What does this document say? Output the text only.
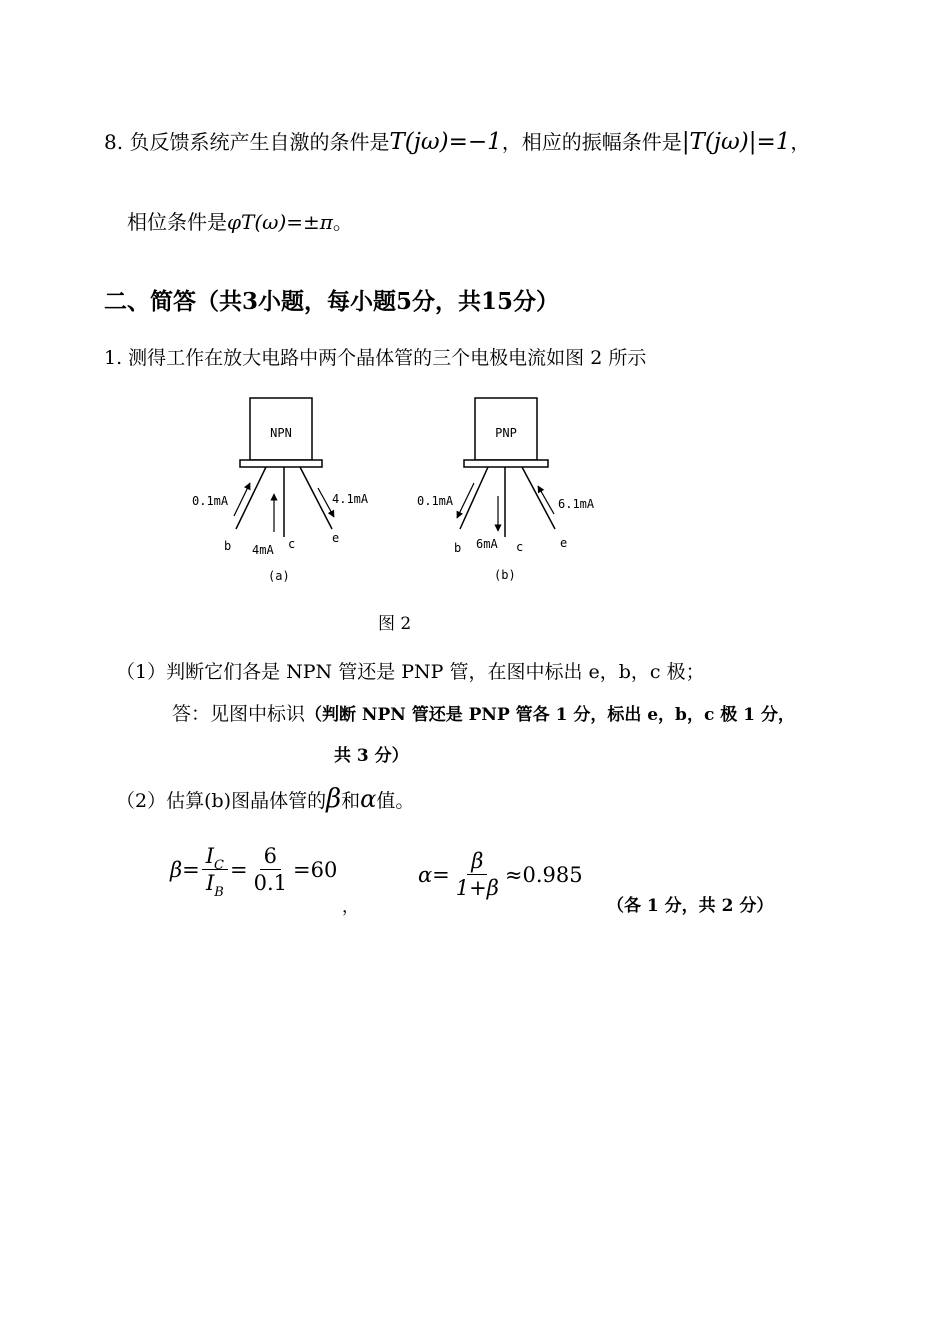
8. 负反馈系统产生自激的条件是T(jω)=−1，相应的振幅条件是|T(jω)|=1，
相位条件是φT(ω)=±π。
二、简答（共3小题，每小题5分，共15分）
1. 测得工作在放大电路中两个晶体管的三个电极电流如图 2 所示
NPN
0.1mA
4mA
4.1mA
b	c	e
(a)
PNP
0.1mA
6mA
6.1mA
b	c	e
(b)
图 2
（1）判断它们各是 NPN 管还是 PNP 管，在图中标出 e，b，c 极；
答：见图中标识（判断 NPN 管还是 PNP 管各 1 分，标出 e，b，c 极 1 分，
共 3 分）
（2）估算(b)图晶体管的β和α值。
$\beta= \frac{I_C}{I_B} = \frac{6}{0.1} =60$
，
$\alpha= \frac{\beta}{1+\beta} \approx 0.985$
（各 1 分，共 2 分）
